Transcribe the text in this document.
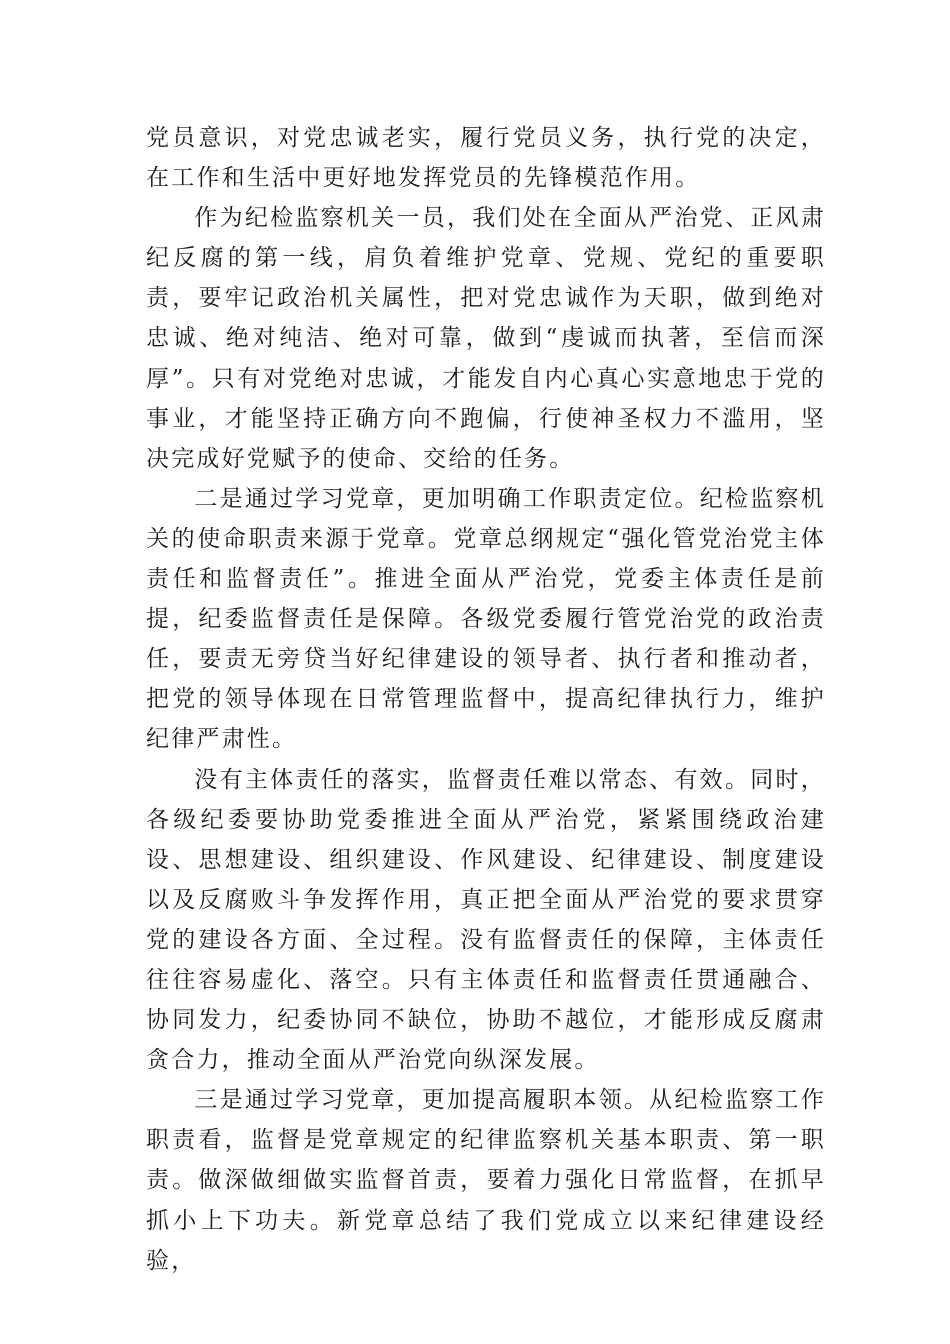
党员意识，对党忠诚老实，履行党员义务，执行党的决定，在工作和生活中更好地发挥党员的先锋模范作用。

作为纪检监察机关一员，我们处在全面从严治党、正风肃纪反腐的第一线，肩负着维护党章、党规、党纪的重要职责，要牢记政治机关属性，把对党忠诚作为天职，做到绝对忠诚、绝对纯洁、绝对可靠，做到“虔诚而执著，至信而深厚”。只有对党绝对忠诚，才能发自内心真心实意地忠于党的事业，才能坚持正确方向不跑偏，行使神圣权力不滥用，坚决完成好党赋予的使命、交给的任务。

二是通过学习党章，更加明确工作职责定位。纪检监察机关的使命职责来源于党章。党章总纲规定“强化管党治党主体责任和监督责任”。推进全面从严治党，党委主体责任是前提，纪委监督责任是保障。各级党委履行管党治党的政治责任，要责无旁贷当好纪律建设的领导者、执行者和推动者，把党的领导体现在日常管理监督中，提高纪律执行力，维护纪律严肃性。

没有主体责任的落实，监督责任难以常态、有效。同时，各级纪委要协助党委推进全面从严治党，紧紧围绕政治建设、思想建设、组织建设、作风建设、纪律建设、制度建设以及反腐败斗争发挥作用，真正把全面从严治党的要求贯穿党的建设各方面、全过程。没有监督责任的保障，主体责任往往容易虚化、落空。只有主体责任和监督责任贯通融合、协同发力，纪委协同不缺位，协助不越位，才能形成反腐肃贪合力，推动全面从严治党向纵深发展。

三是通过学习党章，更加提高履职本领。从纪检监察工作职责看，监督是党章规定的纪律监察机关基本职责、第一职责。做深做细做实监督首责，要着力强化日常监督，在抓早抓小上下功夫。新党章总结了我们党成立以来纪律建设经验，
